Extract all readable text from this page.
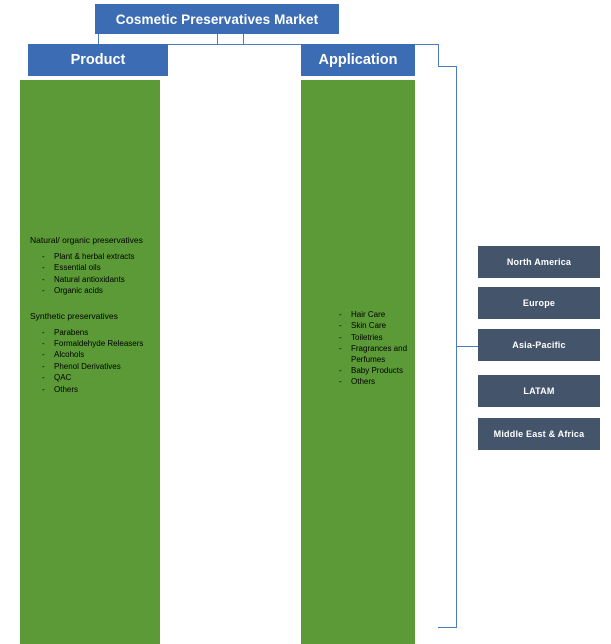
Cosmetic Preservatives Market
Product
Natural/ organic preservatives
- Plant & herbal extracts
- Essential oils
- Natural antioxidants
- Organic acids
Synthetic preservatives
- Parabens
- Formaldehyde Releasers
- Alcohols
- Phenol Derivatives
- QAC
- Others
Application
- Hair Care
- Skin Care
- Toiletries
- Fragrances and Perfumes
- Baby Products
- Others
North America
Europe
Asia-Pacific
LATAM
Middle East & Africa
